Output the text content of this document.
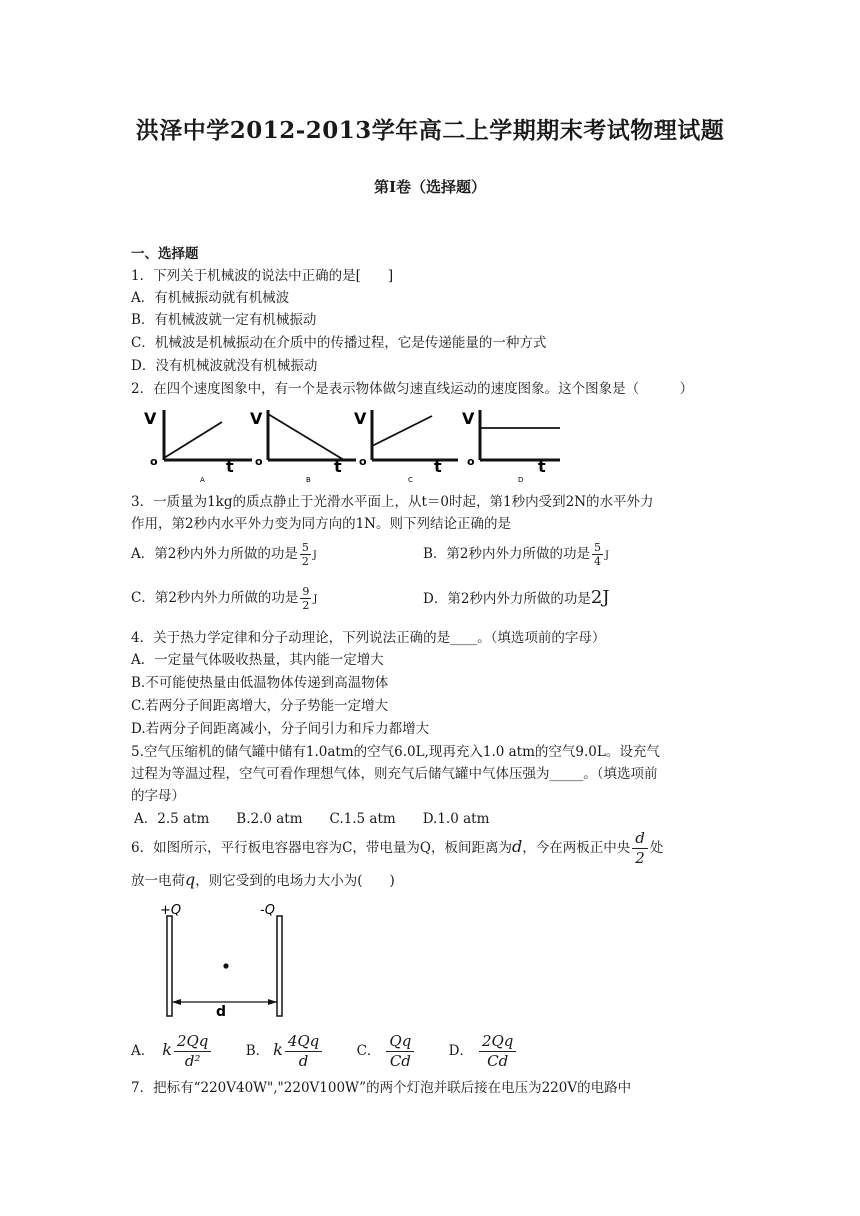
洪泽中学2012-2013学年高二上学期期末考试物理试题
第Ⅰ卷（选择题）
一、选择题
1．下列关于机械波的说法中正确的是[　　]
A．有机械振动就有机械波
B．有机械波就一定有机械振动
C．机械波是机械振动在介质中的传播过程，它是传递能量的一种方式
D．没有机械波就没有机械振动
2．在四个速度图象中，有一个是表示物体做匀速直线运动的速度图象。这个图象是（　　　）
V
o	t
A
V
o	t
B
V
o	t
C
V
o	t
D
3．一质量为1kg的质点静止于光滑水平面上，从t＝0时起，第1秒内受到2N的水平外力
作用，第2秒内水平外力变为同方向的1N。则下列结论正确的是
A．第2秒内外力所做的功是 $\frac{5}{2}$ J	B．第2秒内外力所做的功是 $\frac{5}{4}$ J
C．第2秒内外力所做的功是 $\frac{9}{2}$ J	D．第2秒内外力所做的功是2J
4．关于热力学定律和分子动理论，下列说法正确的是____。（填选项前的字母）
A．一定量气体吸收热量，其内能一定增大
B.不可能使热量由低温物体传递到高温物体
C.若两分子间距离增大，分子势能一定增大
D.若两分子间距离减小，分子间引力和斥力都增大
5.空气压缩机的储气罐中储有1.0atm的空气6.0L,现再充入1.0 atm的空气9.0L。设充气
过程为等温过程，空气可看作理想气体，则充气后储气罐中气体压强为_____。（填选项前
的字母）
A．2.5 atm　　B.2.0 atm　　C.1.5 atm　　D.1.0 atm
6．如图所示，平行板电容器电容为C，带电量为Q，板间距离为d，今在两板正中央 $\frac{d}{2}$ 处
放一电荷q，则它受到的电场力大小为(　　)
+Q	-Q
d
A． k $\frac{2Qq}{\text{d²}}$	B． k $\frac{4Qq}{d}$	C． $\frac{Qq}{Cd}$	D． $\frac{2Qq}{Cd}$
7．把标有“220V40W","220V100W”的两个灯泡并联后接在电压为220V的电路中
